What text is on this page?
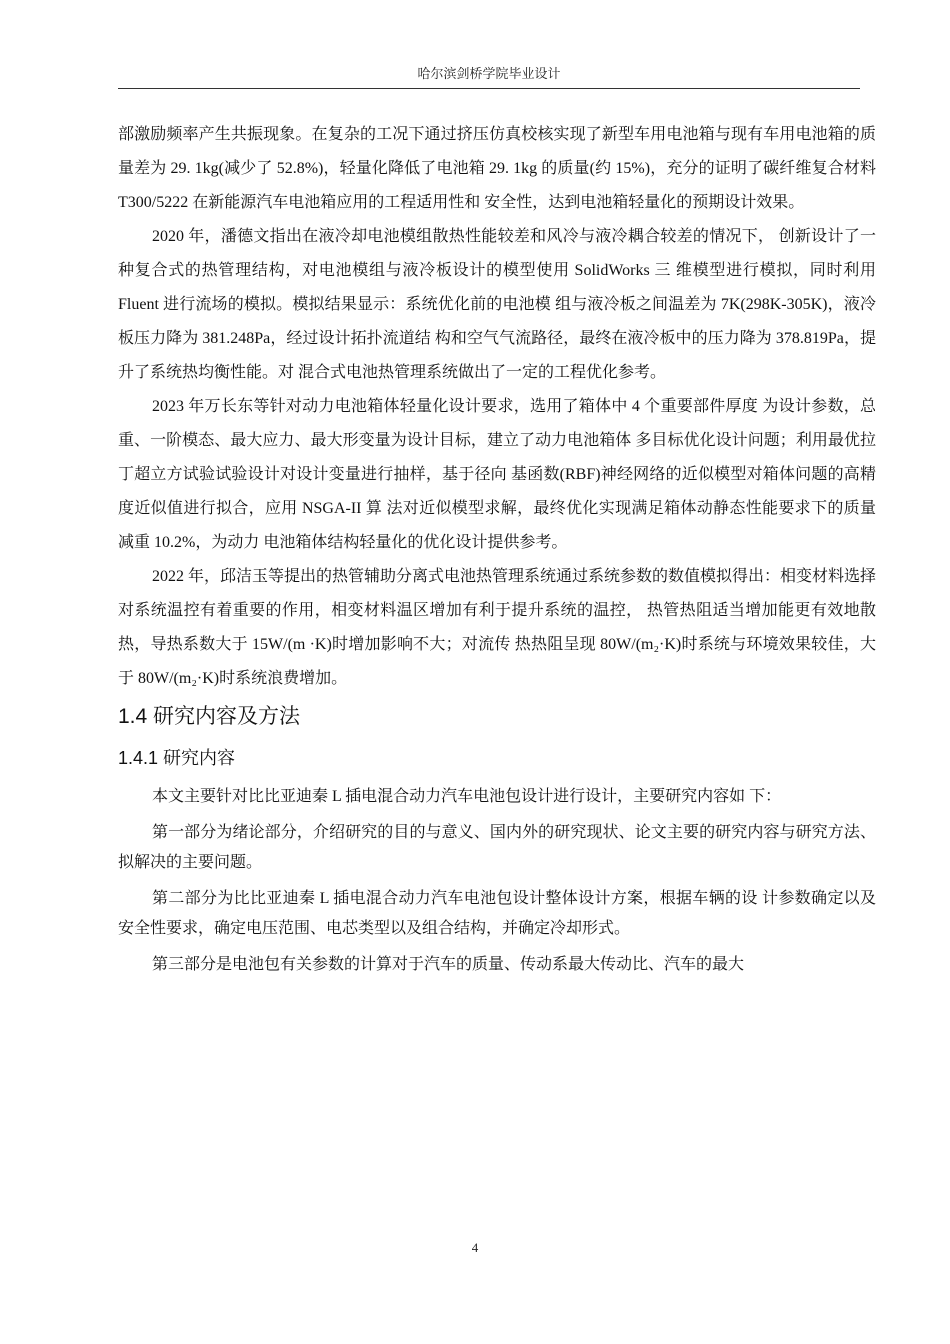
哈尔滨剑桥学院毕业设计

部激励频率产生共振现象。在复杂的工况下通过挤压仿真校核实现了新型车用电池箱与现有车用电池箱的质量差为 29. 1kg(减少了 52.8%)，轻量化降低了电池箱 29. 1kg 的质量(约 15%)，充分的证明了碳纤维复合材料 T300/5222 在新能源汽车电池箱应用的工程适用性和 安全性，达到电池箱轻量化的预期设计效果。

2020 年，潘德文指出在液冷却电池模组散热性能较差和风冷与液冷耦合较差的情况下， 创新设计了一种复合式的热管理结构，对电池模组与液冷板设计的模型使用 SolidWorks 三 维模型进行模拟，同时利用 Fluent 进行流场的模拟。模拟结果显示：系统优化前的电池模 组与液冷板之间温差为 7K(298K-305K)，液冷板压力降为 381.248Pa，经过设计拓扑流道结 构和空气气流路径，最终在液冷板中的压力降为 378.819Pa，提升了系统热均衡性能。对 混合式电池热管理系统做出了一定的工程优化参考。

2023 年万长东等针对动力电池箱体轻量化设计要求，选用了箱体中 4 个重要部件厚度 为设计参数，总重、一阶模态、最大应力、最大形变量为设计目标，建立了动力电池箱体 多目标优化设计问题；利用最优拉丁超立方试验试验设计对设计变量进行抽样，基于径向 基函数(RBF)神经网络的近似模型对箱体问题的高精度近似值进行拟合，应用 NSGA-II 算 法对近似模型求解，最终优化实现满足箱体动静态性能要求下的质量减重 10.2%，为动力 电池箱体结构轻量化的优化设计提供参考。

2022 年，邱洁玉等提出的热管辅助分离式电池热管理系统通过系统参数的数值模拟得出：相变材料选择对系统温控有着重要的作用，相变材料温区增加有利于提升系统的温控， 热管热阻适当增加能更有效地散热，导热系数大于 15W/(m ·K)时增加影响不大；对流传 热热阻呈现 80W/(m₂·K)时系统与环境效果较佳，大于 80W/(m₂·K)时系统浪费增加。

1.4 研究内容及方法

1.4.1 研究内容

本文主要针对比比亚迪秦 L 插电混合动力汽车电池包设计进行设计，主要研究内容如 下：

第一部分为绪论部分，介绍研究的目的与意义、国内外的研究现状、论文主要的研究内容与研究方法、拟解决的主要问题。

第二部分为比比亚迪秦 L 插电混合动力汽车电池包设计整体设计方案，根据车辆的设 计参数确定以及安全性要求，确定电压范围、电芯类型以及组合结构，并确定冷却形式。

第三部分是电池包有关参数的计算对于汽车的质量、传动系最大传动比、汽车的最大

4
